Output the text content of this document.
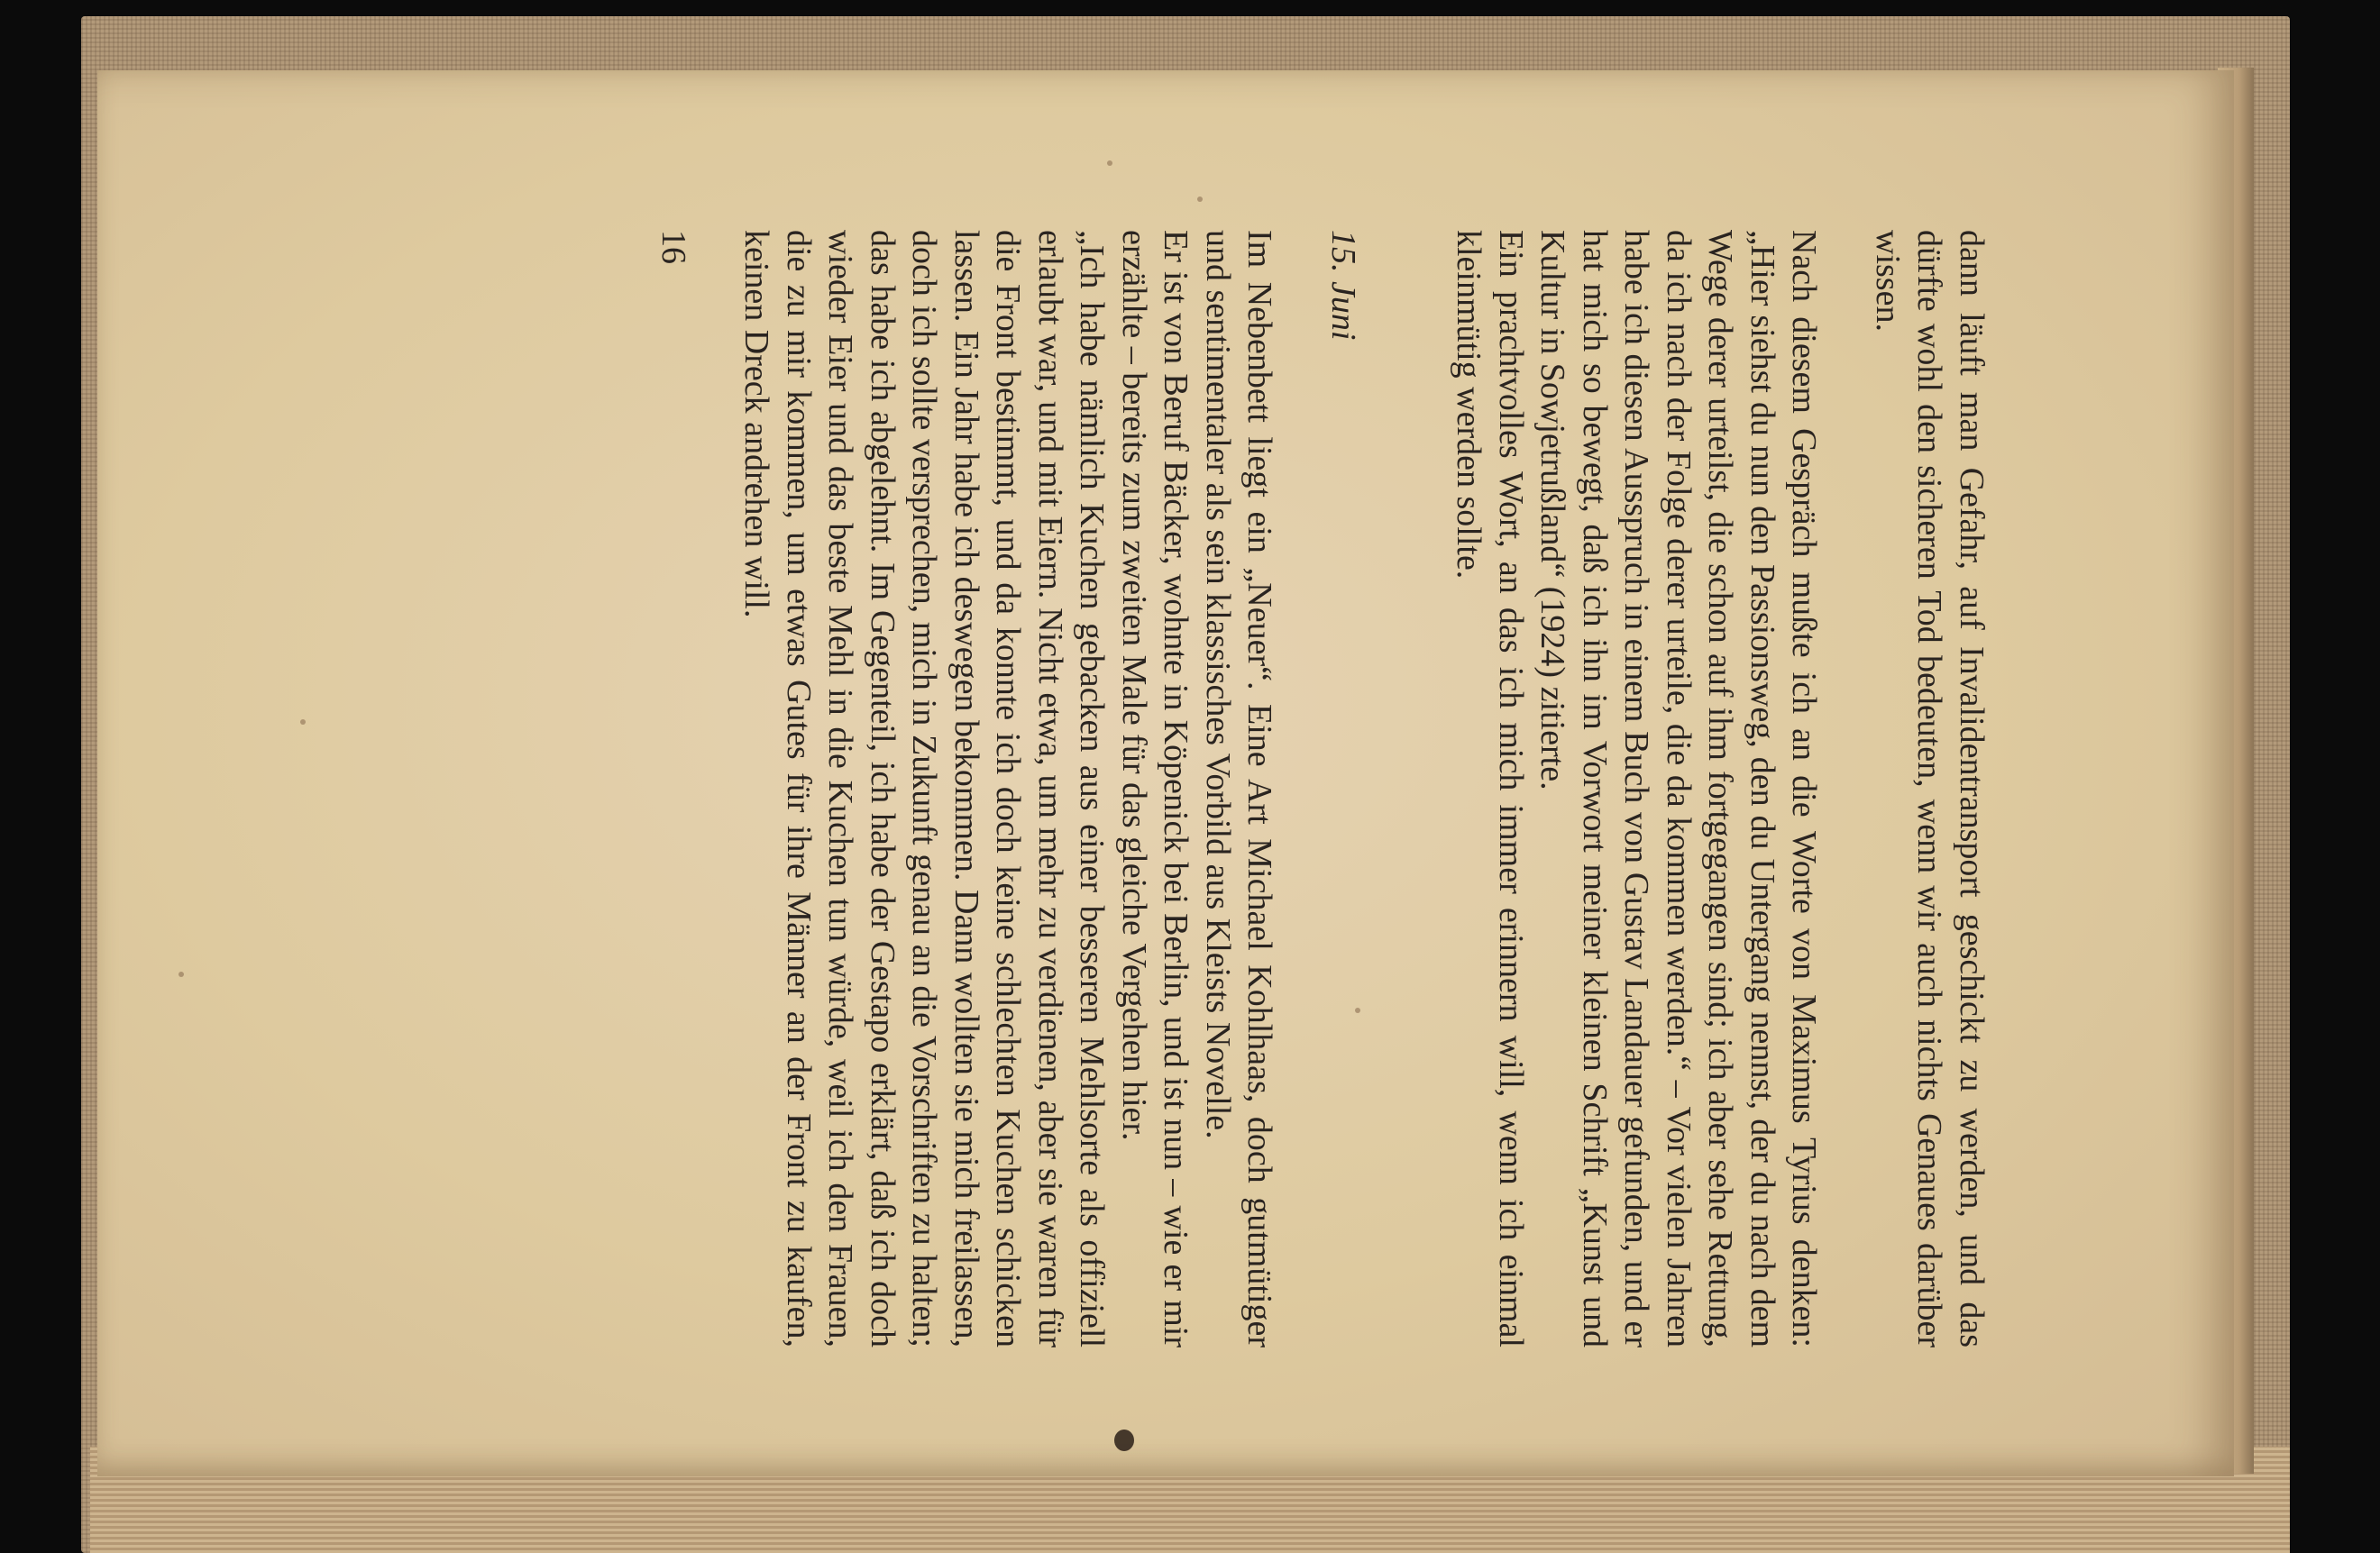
dann läuft man Gefahr, auf Invalidentransport geschickt zu werden, und das dürfte wohl den sicheren Tod bedeuten, wenn wir auch nichts Genaues darüber wissen.

Nach diesem Gespräch mußte ich an die Worte von Maximus Tyrius denken: „Hier siehst du nun den Passionsweg, den du Untergang nennst, der du nach dem Wege derer urteilst, die schon auf ihm fortgegangen sind; ich aber sehe Rettung, da ich nach der Folge derer urteile, die da kommen werden.“ – Vor vielen Jahren habe ich diesen Ausspruch in einem Buch von Gustav Landauer gefunden, und er hat mich so bewegt, daß ich ihn im Vorwort meiner kleinen Schrift „Kunst und Kultur in Sowjetrußland“ (1924) zitierte.

Ein prachtvolles Wort, an das ich mich immer erinnern will, wenn ich einmal kleinmütig werden sollte.

15. Juni

Im Nebenbett liegt ein „Neuer“. Eine Art Michael Kohlhaas, doch gutmütiger und sentimentaler als sein klassisches Vorbild aus Kleists Novelle.

Er ist von Beruf Bäcker, wohnte in Köpenick bei Berlin, und ist nun – wie er mir erzählte – bereits zum zweiten Male für das gleiche Vergehen hier.

„Ich habe nämlich Kuchen gebacken aus einer besseren Mehlsorte als offiziell erlaubt war, und mit Eiern. Nicht etwa, um mehr zu verdienen, aber sie waren für die Front bestimmt, und da konnte ich doch keine schlechten Kuchen schicken lassen. Ein Jahr habe ich deswegen bekommen. Dann wollten sie mich freilassen, doch ich sollte versprechen, mich in Zukunft genau an die Vorschriften zu halten; das habe ich abgelehnt. Im Gegenteil, ich habe der Gestapo erklärt, daß ich doch wieder Eier und das beste Mehl in die Kuchen tun würde, weil ich den Frauen, die zu mir kommen, um etwas Gutes für ihre Männer an der Front zu kaufen, keinen Dreck andrehen will.

16
